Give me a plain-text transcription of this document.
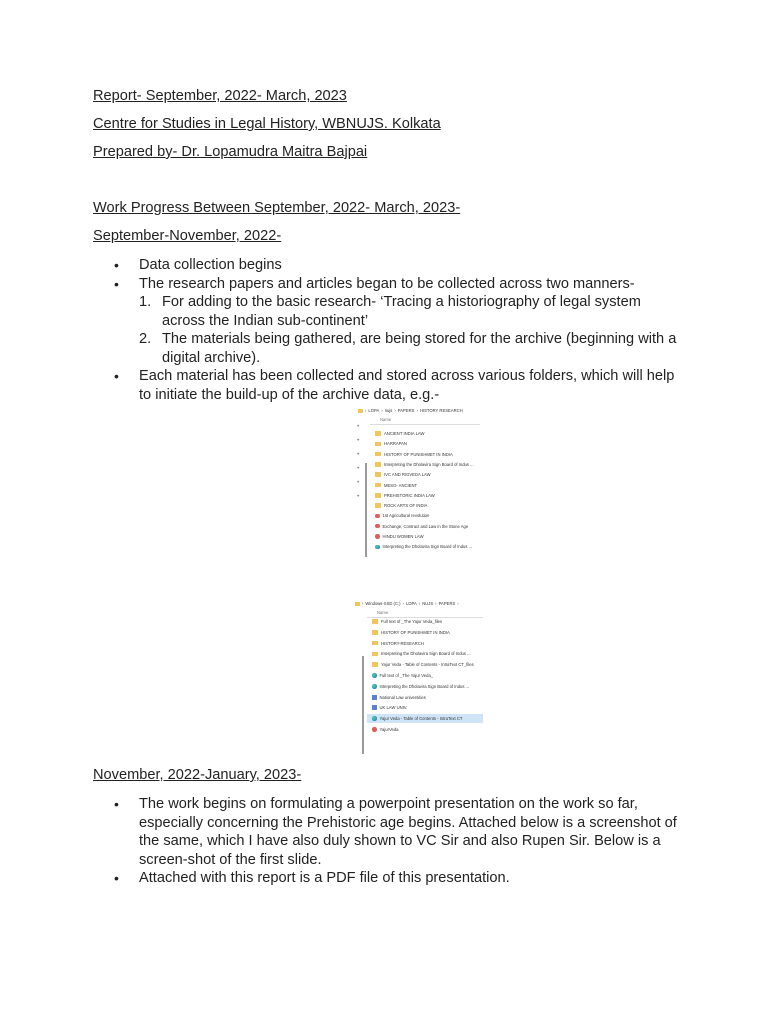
Report- September, 2022- March, 2023
Centre for Studies in Legal History, WBNUJS. Kolkata
Prepared by- Dr. Lopamudra Maitra Bajpai
Work Progress Between September, 2022- March, 2023-
September-November, 2022-
• Data collection begins
• The research papers and articles began to be collected across two manners-
1. For adding to the basic research- ‘Tracing a historiography of legal system across the Indian sub-continent’
2. The materials being gathered, are being stored for the archive (beginning with a digital archive).
• Each material has been collected and stored across various folders, which will help to initiate the build-up of the archive data, e.g.-
› LOPA › nujs › PAPERS › HISTORY RESEARCH
⌖
⌖
⌖
⌖
⌖
⌖
Name
ANCIENT INDIA LAW
HARRAPAN
HISTORY OF PUNISHMET IN INDIA
Interpreting the Dholavira Sign Board of Indus ...
IVC AND RIGVEDA LAW
MESO- ANCIENT
PREHISTORIC INDIA LAW
ROCK ARTS OF INDIA
1st Agricultural revolution
Exchange, Contract and Law in the Stone Age
HINDU WOMEN LAW
Interpreting the Dholavira Sign Board of Indus ...
› Windows-SSD (C:) › LOPA › NUJS › PAPERS ›
Name
Full text of _The Yajur Veda_files
HISTORY OF PUNISHMET IN INDIA
HISTORY-RESEARCH
Interpreting the Dholavira Sign Board of Indus ...
Yajur Veda - Table of Contents - IntraText CT_files
Full text of _The Yajur Veda_
Interpreting the Dholavira Sign Board of Indus ...
National Law universities
UK LAW UNIV.
Yajur Veda - Table of Contents - IntraText CT
YajurVeda
November, 2022-January, 2023-
• The work begins on formulating a powerpoint presentation on the work so far, especially concerning the Prehistoric age begins. Attached below is a screenshot of the same, which I have also duly shown to VC Sir and also Rupen Sir. Below is a screen-shot of the first slide.
• Attached with this report is a PDF file of this presentation.
